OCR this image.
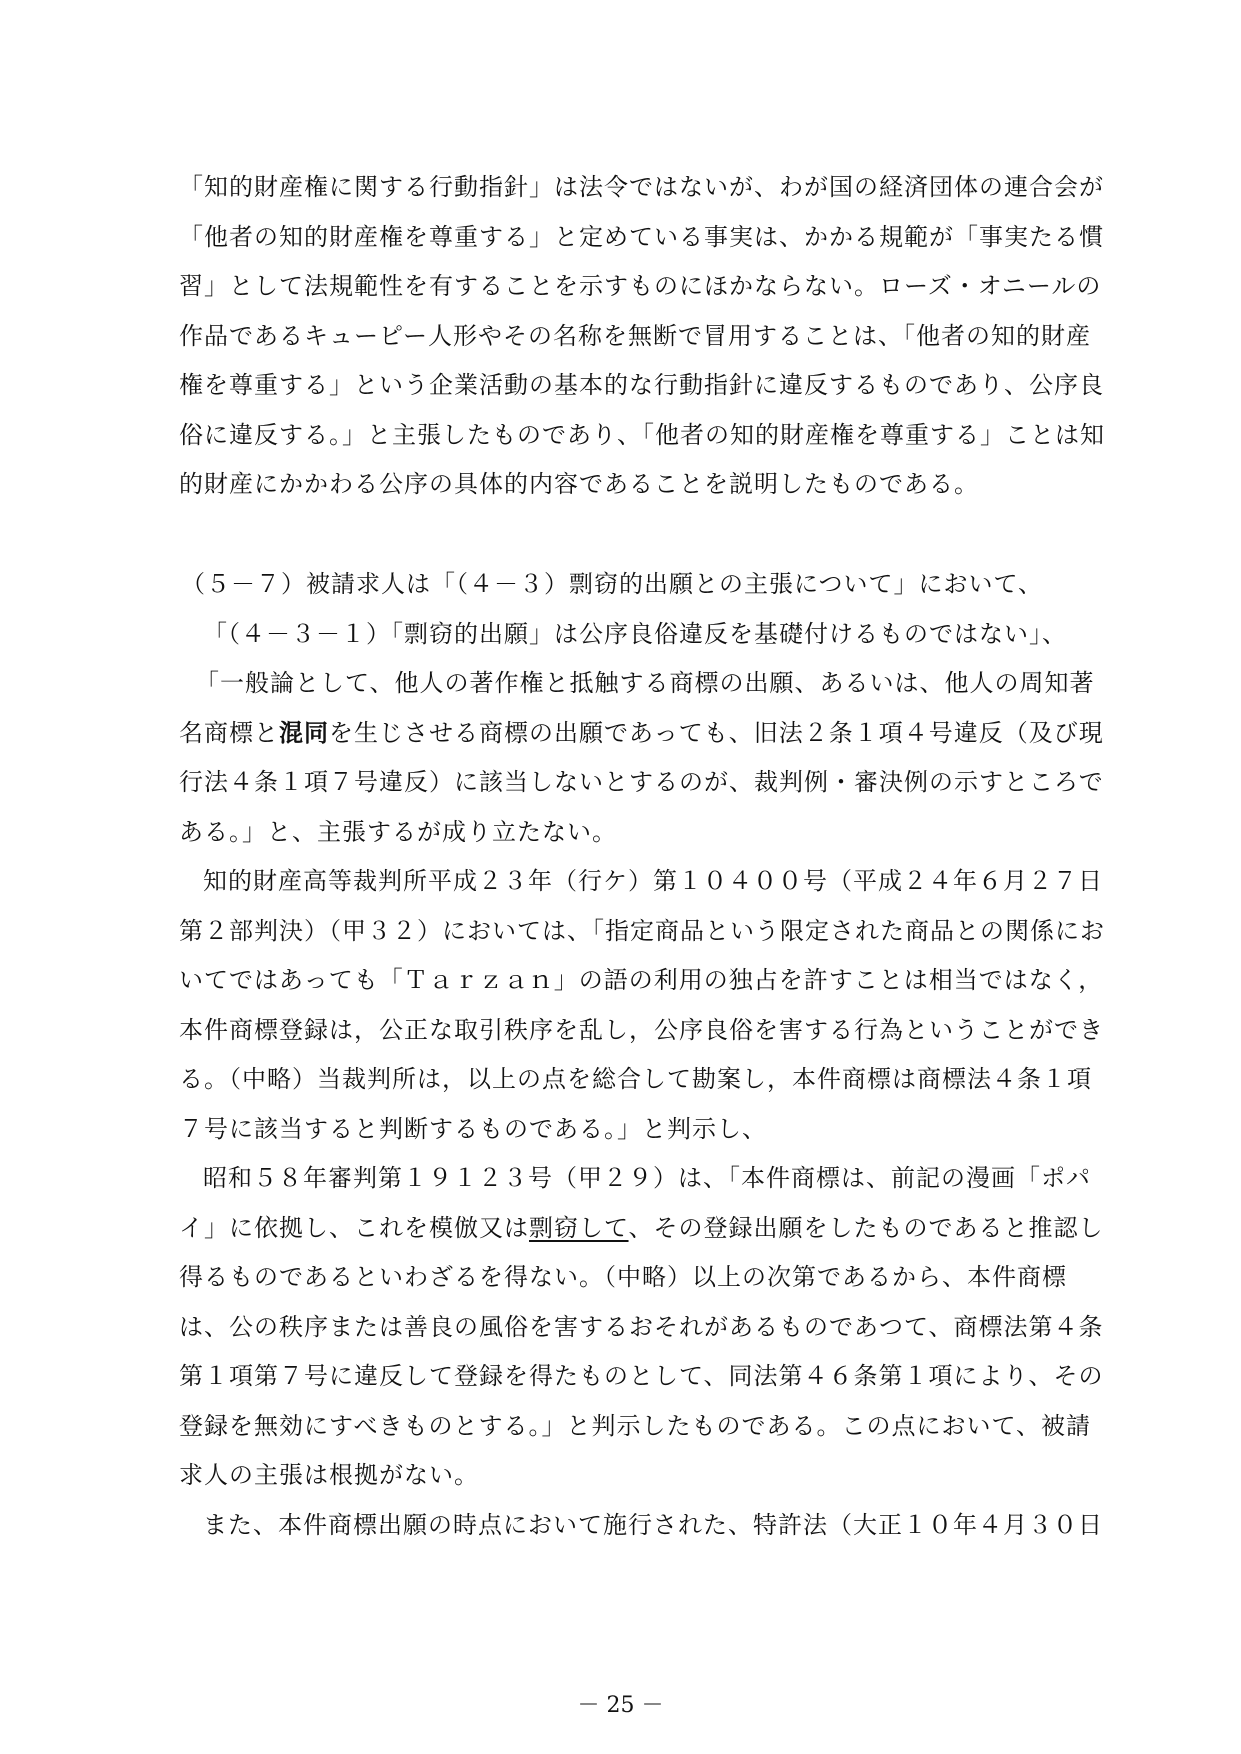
「知的財産権に関する行動指針」は法令ではないが、わが国の経済団体の連合会が
「他者の知的財産権を尊重する」と定めている事実は、かかる規範が「事実たる慣
習」として法規範性を有することを示すものにほかならない。ローズ・オニールの
作品であるキューピー人形やその名称を無断で冒用することは、「他者の知的財産
権を尊重する」という企業活動の基本的な行動指針に違反するものであり、公序良
俗に違反する。」と主張したものであり、「他者の知的財産権を尊重する」ことは知
的財産にかかわる公序の具体的内容であることを説明したものである。
（５－７）被請求人は「（４－３）剽窃的出願との主張について」において、
「（４－３－１）「剽窃的出願」は公序良俗違反を基礎付けるものではない」、
「一般論として、他人の著作権と抵触する商標の出願、あるいは、他人の周知著
名商標と混同を生じさせる商標の出願であっても、旧法２条１項４号違反（及び現
行法４条１項７号違反）に該当しないとするのが、裁判例・審決例の示すところで
ある。」と、主張するが成り立たない。
知的財産高等裁判所平成２３年（行ケ）第１０４００号（平成２４年６月２７日
第２部判決）（甲３２）においては、「指定商品という限定された商品との関係にお
いてではあっても「Ｔａｒｚａｎ」の語の利用の独占を許すことは相当ではなく，
本件商標登録は，公正な取引秩序を乱し，公序良俗を害する行為ということができ
る。（中略）当裁判所は，以上の点を総合して勘案し，本件商標は商標法４条１項
７号に該当すると判断するものである。」と判示し、
昭和５８年審判第１９１２３号（甲２９）は、「本件商標は、前記の漫画「ポパ
イ」に依拠し、これを模倣又は剽窃して、その登録出願をしたものであると推認し
得るものであるといわざるを得ない。（中略）以上の次第であるから、本件商標
は、公の秩序または善良の風俗を害するおそれがあるものであつて、商標法第４条
第１項第７号に違反して登録を得たものとして、同法第４６条第１項により、その
登録を無効にすべきものとする。」と判示したものである。この点において、被請
求人の主張は根拠がない。
また、本件商標出願の時点において施行された、特許法（大正１０年４月３０日
－ 25 －
